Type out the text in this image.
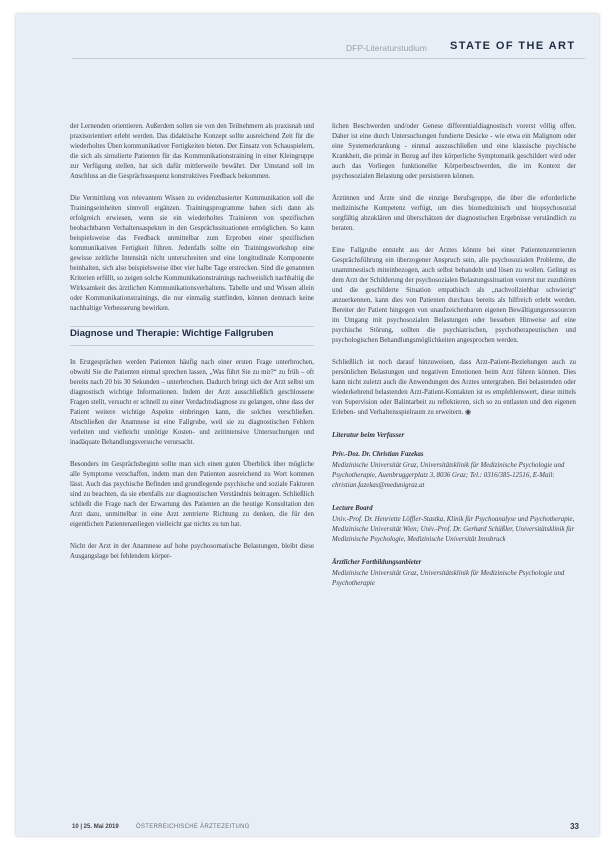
DFP-Literaturstudium STATE OF THE ART

der Lernenden orientieren. Außerdem sollen sie von den Teilnehmern als praxisnah und praxisorientiert erlebt werden. Das didaktische Konzept sollte ausreichend Zeit für die wiederholtes Üben kommunikativer Fertigkeiten bieten. Der Einsatz von Schauspielern, die sich als simulierte Patienten für das Kommunikationstraining in einer Kleingruppe zur Verfügung stellen, hat sich dafür mittlerweile bewährt. Der Umstand soll im Anschluss an die Gesprächssequenz konstruktives Feedback bekommen.

Die Vermittlung von relevantem Wissen zu evidenzbasierter Kommunikation soll die Trainingseinheiten sinnvoll ergänzen. Trainingsprogramme haben sich dann als erfolgreich erwiesen, wenn sie ein wiederholtes Trainieren von spezifischen beobachtbaren Verhaltensaspekten in den Gesprächssituationen ermöglichen. So kann beispielsweise das Feedback unmittelbar zum Erproben einer spezifischen kommunikativen Fertigkeit führen. Jedenfalls sollte ein Trainingsworkshop eine gewisse zeitliche Intensität nicht unterschreiten und eine longitudinale Komponente beinhalten, sich also beispielsweise über vier halbe Tage erstrecken. Sind die genannten Kriterien erfüllt, so zeigen solche Kommunikationstrainings nachweislich nachhaltig die Wirksamkeit des ärztlichen Kommunikationsverhaltens. Tabelle und und Wissen allein oder Kommunikationstrainings, die nur einmalig stattfinden, können demnach keine nachhaltige Verbesserung bewirken.

Diagnose und Therapie: Wichtige Fallgruben

In Erstgesprächen werden Patienten häufig nach einer ersten Frage unterbrochen, obwohl Sie die Patienten einmal sprechen lassen, „Was führt Sie zu mir?“ zu früh – oft bereits nach 20 bis 30 Sekunden – unterbrochen. Dadurch bringt sich der Arzt selbst um diagnostisch wichtige Informationen. Indem der Arzt ausschließlich geschlossene Fragen stellt, versucht er schnell zu einer Verdachtsdiagnose zu gelangen, ohne dass der Patient weitere wichtige Aspekte einbringen kann, die solches verschließen. Abschließen der Anamnese ist eine Fallgrube, weil sie zu diagnostischen Fehlern verleiten und vielleicht unnötige Kosten- und zeitintensive Untersuchungen und inadäquate Behandlungsversuche verursacht.

Besonders im Gesprächsbeginn sollte man sich einen guten Überblick über mögliche alle Symptome verschaffen, indem man den Patienten ausreichend zu Wort kommen lässt. Auch das psychische Befinden und grundlegende psychische und soziale Faktoren sind zu beachten, da sie ebenfalls zur diagnostischen Verständnis beitragen. Schließlich schließt die Frage nach der Erwartung des Patienten an die heutige Konsultation den Arzt dazu, unmittelbar in eine Arzt zentrierte Richtung zu denken, die für den eigentlichen Patientenanliegen vielleicht gar nichts zu tun hat.

Nicht der Arzt in der Anamnese auf hohe psychosomatische Belastungen, bleibt diese Ausgangslage bei fehlendem körper-

lichen Beschwerden und/oder Genese differentialdiagnostisch vorerst völlig offen. Daher ist eine durch Untersuchungen fundierte Desicke - wie etwa ein Malignom oder eine Systemerkrankung - einmal auszuschließen und eine klassische psychische Krankheit, die primär in Bezug auf ihre körperliche Symptomatik geschildert wird oder auch das Vorliegen funktioneller Körperbeschwerden, die im Kontext der psychosozialen Belastung oder persistieren können.

Ärztinnen und Ärzte sind die einzige Berufsgruppe, die über die erforderliche medizinische Kompetenz verfügt, um dies biomedizinisch und biopsychosozial sorgfältig abzuklären und überschätzen der diagnostischen Ergebnisse verständlich zu beraten.

Eine Fallgrube entsteht aus der Arztes könnte bei einer Patientenzentrierten Gesprächsführung ein überzogener Anspruch sein, alle psychosozialen Probleme, die unammnestisch miteinbezogen, auch selbst behandeln und lösen zu wollen. Gelingt es dem Arzt der Schilderung der psychosozialen Belastungssituation vorerst nur zuzuhören und die geschilderte Situation empathisch als „nachvollziehbar schwierig“ anzuerkennen, kann dies von Patienten durchaus bereits als hilfreich erlebt werden. Bereiter der Patient hingegen von unaufzeichenbaren eigenen Bewältigungsressourcen im Umgang mit psychosozialen Belastungen oder besseben Hinweise auf eine psychische Störung, sollten die psychiatrischen, psychotherapeutischen und psychologischen Behandlungsmöglichkeiten angesprochen werden.

Schließlich ist noch darauf hinzuweisen, dass Arzt-Patient-Beziehungen auch zu persönlichen Belastungen und negativen Emotionen beim Arzt führen können. Dies kann nicht zuletzt auch die Anwendungen des Arztes untergraben. Bei belastenden oder wiederkehrend belastenden Arzt-Patient-Kontakten ist es empfehlenswert, diese mittels von Supervision oder Balintarbeit zu reflektieren, sich so zu entlasten und den eigenen Erleben- und Verhaltensspielraum zu erweitern. ◉

Literatur beim Verfasser
Priv.-Doz. Dr. Christian Fazekas
Medizinische Universität Graz, Universitätsklinik für Medizinische Psychologie und Psychotherapie, Auenbruggerplatz 3, 8036 Graz; Tel.: 0316/385-12516, E-Mail: christian.fazekas@medunigraz.at
Lecture Board
Univ.-Prof. Dr. Henriette Löffler-Stastka, Klinik für Psychoanalyse und Psychotherapie, Medizinische Universität Wien; Univ.-Prof. Dr. Gerhard Schüßler, Universitätsklinik für Medizinische Psychologie, Medizinische Universität Innsbruck
Ärztlicher Fortbildungsanbieter
Medizinische Universität Graz, Universitätsklinik für Medizinische Psychologie und Psychotherapie
10 | 25. Mai 2019	ÖSTERREICHISCHE ÄRZTEZEITUNG	33
